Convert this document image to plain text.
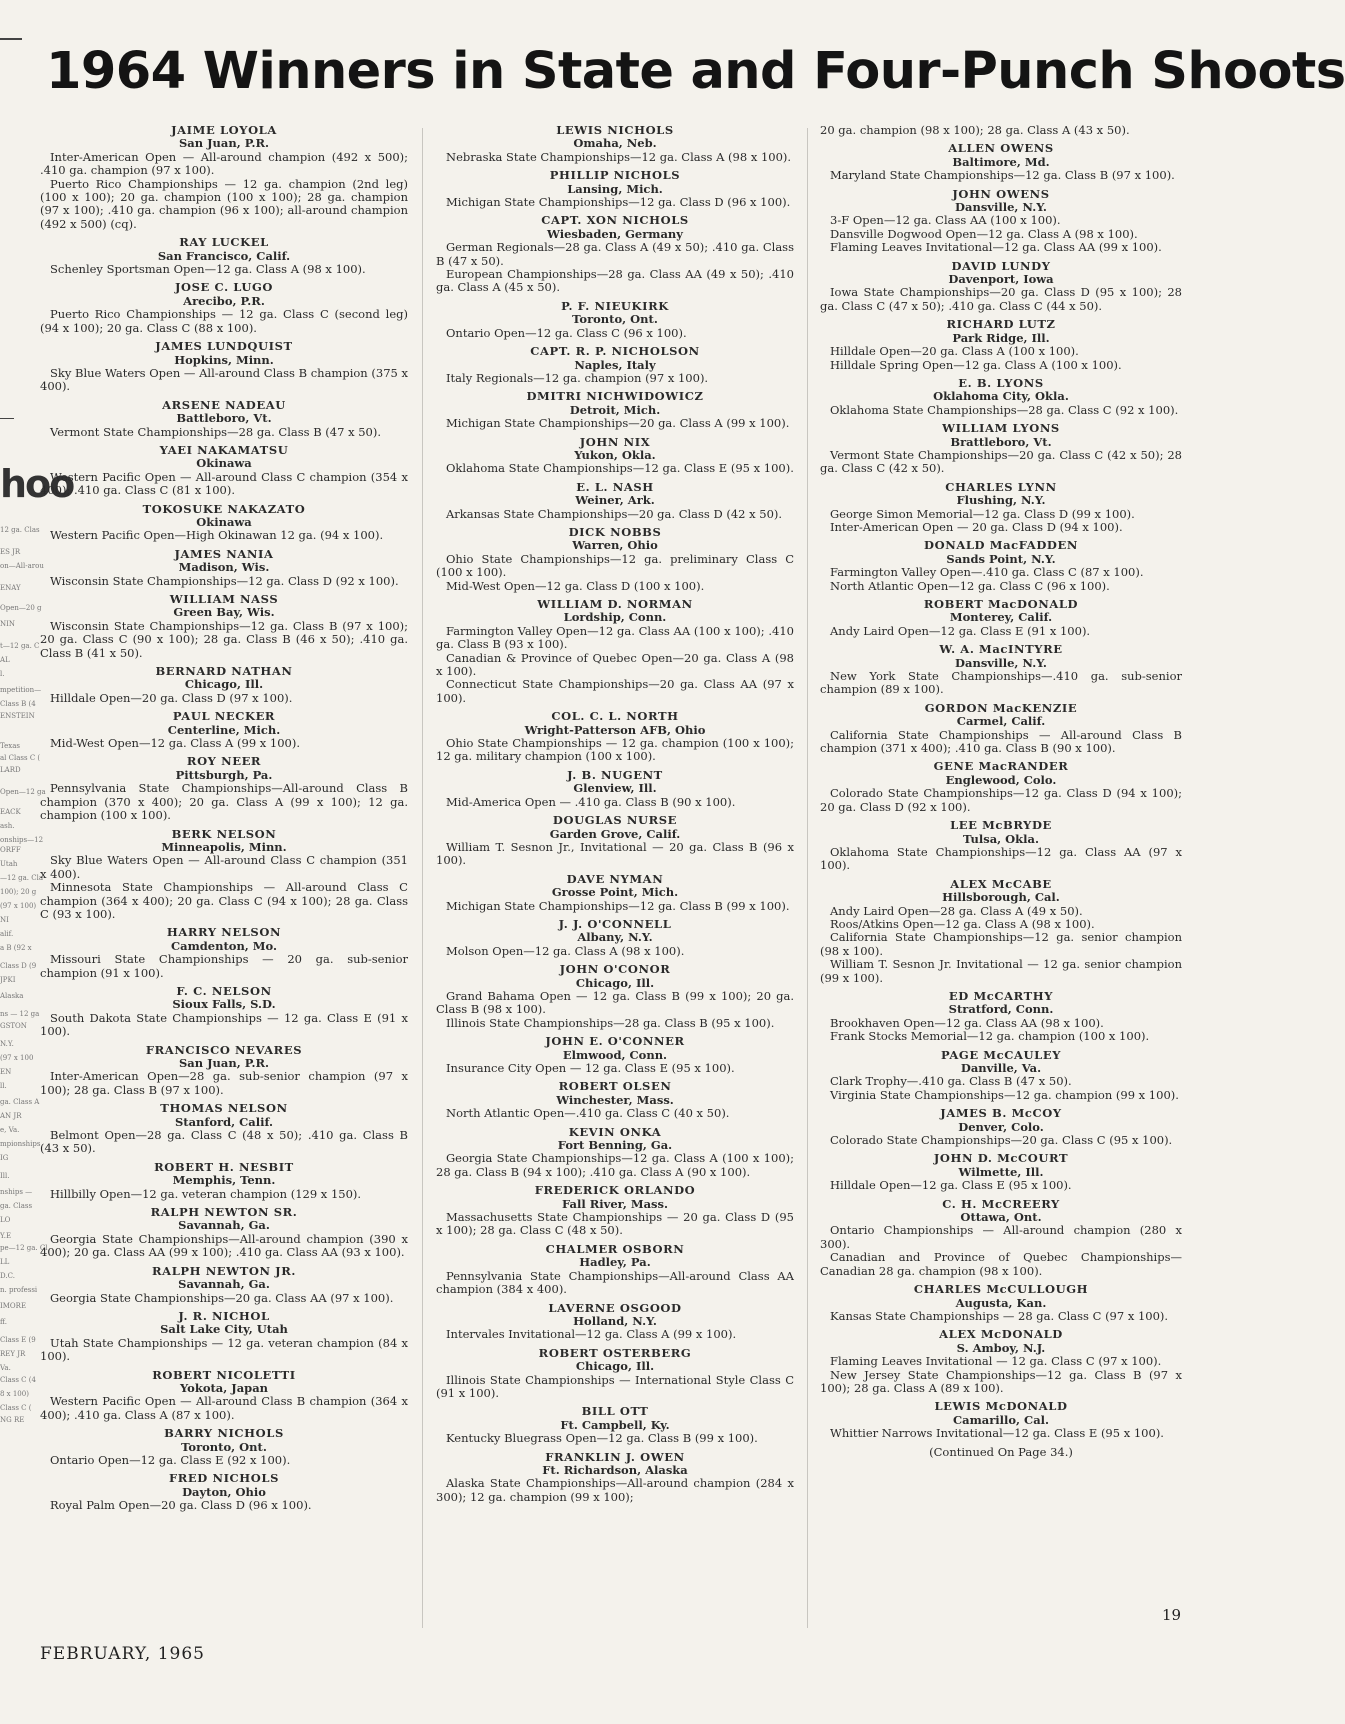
hoo
12 ga. Clas
ES JR
on—All-arou
ENAY
Open—20 g
NIN
t—12 ga. C
AL
l.
mpetition—
Class B (4
ENSTEIN
Texas
al Class C (
LARD
Open—12 ga
EACK
ash.
onships—12
ORFF
Utah
—12 ga. Cla
100); 20 g
(97 x 100)
NI
alif.
a B (92 x
Class D (9
JPKI
Alaska
ns — 12 ga
GSTON
N.Y.
(97 x 100
EN
ll.
ga. Class A
AN JR
e, Va.
mpionships
IG
Ill.
nships —
ga. Class
LO
Y.E
pe—12 ga. Cl
LL
D.C.
n. professi
IMORE
ff.
Class E (9
REY JR
Va.
Class C (4
8 x 100)
Class C (
NG RE
1964 Winners in State and Four-Punch Shoots
JAIME LOYOLA
San Juan, P.R.
Inter-American Open — All-around champion (492 x 500); .410 ga. champion (97 x 100).
Puerto Rico Championships — 12 ga. champion (2nd leg) (100 x 100); 20 ga. champion (100 x 100); 28 ga. champion (97 x 100); .410 ga. champion (96 x 100); all-around champion (492 x 500) (cq).
RAY LUCKEL
San Francisco, Calif.
Schenley Sportsman Open—12 ga. Class A (98 x 100).
JOSE C. LUGO
Arecibo, P.R.
Puerto Rico Championships — 12 ga. Class C (second leg) (94 x 100); 20 ga. Class C (88 x 100).
JAMES LUNDQUIST
Hopkins, Minn.
Sky Blue Waters Open — All-around Class B champion (375 x 400).
ARSENE NADEAU
Battleboro, Vt.
Vermont State Championships—28 ga. Class B (47 x 50).
YAEI NAKAMATSU
Okinawa
Western Pacific Open — All-around Class C champion (354 x 400); .410 ga. Class C (81 x 100).
TOKOSUKE NAKAZATO
Okinawa
Western Pacific Open—High Okinawan 12 ga. (94 x 100).
JAMES NANIA
Madison, Wis.
Wisconsin State Championships—12 ga. Class D (92 x 100).
WILLIAM NASS
Green Bay, Wis.
Wisconsin State Championships—12 ga. Class B (97 x 100); 20 ga. Class C (90 x 100); 28 ga. Class B (46 x 50); .410 ga. Class B (41 x 50).
BERNARD NATHAN
Chicago, Ill.
Hilldale Open—20 ga. Class D (97 x 100).
PAUL NECKER
Centerline, Mich.
Mid-West Open—12 ga. Class A (99 x 100).
ROY NEER
Pittsburgh, Pa.
Pennsylvania State Championships—All-around Class B champion (370 x 400); 20 ga. Class A (99 x 100); 12 ga. champion (100 x 100).
BERK NELSON
Minneapolis, Minn.
Sky Blue Waters Open — All-around Class C champion (351 x 400).
Minnesota State Championships — All-around Class C champion (364 x 400); 20 ga. Class C (94 x 100); 28 ga. Class C (93 x 100).
HARRY NELSON
Camdenton, Mo.
Missouri State Championships — 20 ga. sub-senior champion (91 x 100).
F. C. NELSON
Sioux Falls, S.D.
South Dakota State Championships — 12 ga. Class E (91 x 100).
FRANCISCO NEVARES
San Juan, P.R.
Inter-American Open—28 ga. sub-senior champion (97 x 100); 28 ga. Class B (97 x 100).
THOMAS NELSON
Stanford, Calif.
Belmont Open—28 ga. Class C (48 x 50); .410 ga. Class B (43 x 50).
ROBERT H. NESBIT
Memphis, Tenn.
Hillbilly Open—12 ga. veteran champion (129 x 150).
RALPH NEWTON SR.
Savannah, Ga.
Georgia State Championships—All-around champion (390 x 400); 20 ga. Class AA (99 x 100); .410 ga. Class AA (93 x 100).
RALPH NEWTON JR.
Savannah, Ga.
Georgia State Championships—20 ga. Class AA (97 x 100).
J. R. NICHOL
Salt Lake City, Utah
Utah State Championships — 12 ga. veteran champion (84 x 100).
ROBERT NICOLETTI
Yokota, Japan
Western Pacific Open — All-around Class B champion (364 x 400); .410 ga. Class A (87 x 100).
BARRY NICHOLS
Toronto, Ont.
Ontario Open—12 ga. Class E (92 x 100).
FRED NICHOLS
Dayton, Ohio
Royal Palm Open—20 ga. Class D (96 x 100).
LEWIS NICHOLS
Omaha, Neb.
Nebraska State Championships—12 ga. Class A (98 x 100).
PHILLIP NICHOLS
Lansing, Mich.
Michigan State Championships—12 ga. Class D (96 x 100).
CAPT. XON NICHOLS
Wiesbaden, Germany
German Regionals—28 ga. Class A (49 x 50); .410 ga. Class B (47 x 50).
European Championships—28 ga. Class AA (49 x 50); .410 ga. Class A (45 x 50).
P. F. NIEUKIRK
Toronto, Ont.
Ontario Open—12 ga. Class C (96 x 100).
CAPT. R. P. NICHOLSON
Naples, Italy
Italy Regionals—12 ga. champion (97 x 100).
DMITRI NICHWIDOWICZ
Detroit, Mich.
Michigan State Championships—20 ga. Class A (99 x 100).
JOHN NIX
Yukon, Okla.
Oklahoma State Championships—12 ga. Class E (95 x 100).
E. L. NASH
Weiner, Ark.
Arkansas State Championships—20 ga. Class D (42 x 50).
DICK NOBBS
Warren, Ohio
Ohio State Championships—12 ga. preliminary Class C (100 x 100).
Mid-West Open—12 ga. Class D (100 x 100).
WILLIAM D. NORMAN
Lordship, Conn.
Farmington Valley Open—12 ga. Class AA (100 x 100); .410 ga. Class B (93 x 100).
Canadian & Province of Quebec Open—20 ga. Class A (98 x 100).
Connecticut State Championships—20 ga. Class AA (97 x 100).
COL. C. L. NORTH
Wright-Patterson AFB, Ohio
Ohio State Championships — 12 ga. champion (100 x 100); 12 ga. military champion (100 x 100).
J. B. NUGENT
Glenview, Ill.
Mid-America Open — .410 ga. Class B (90 x 100).
DOUGLAS NURSE
Garden Grove, Calif.
William T. Sesnon Jr., Invitational — 20 ga. Class B (96 x 100).
DAVE NYMAN
Grosse Point, Mich.
Michigan State Championships—12 ga. Class B (99 x 100).
J. J. O'CONNELL
Albany, N.Y.
Molson Open—12 ga. Class A (98 x 100).
JOHN O'CONOR
Chicago, Ill.
Grand Bahama Open — 12 ga. Class B (99 x 100); 20 ga. Class B (98 x 100).
Illinois State Championships—28 ga. Class B (95 x 100).
JOHN E. O'CONNER
Elmwood, Conn.
Insurance City Open — 12 ga. Class E (95 x 100).
ROBERT OLSEN
Winchester, Mass.
North Atlantic Open—.410 ga. Class C (40 x 50).
KEVIN ONKA
Fort Benning, Ga.
Georgia State Championships—12 ga. Class A (100 x 100); 28 ga. Class B (94 x 100); .410 ga. Class A (90 x 100).
FREDERICK ORLANDO
Fall River, Mass.
Massachusetts State Championships — 20 ga. Class D (95 x 100); 28 ga. Class C (48 x 50).
CHALMER OSBORN
Hadley, Pa.
Pennsylvania State Championships—All-around Class AA champion (384 x 400).
LAVERNE OSGOOD
Holland, N.Y.
Intervales Invitational—12 ga. Class A (99 x 100).
ROBERT OSTERBERG
Chicago, Ill.
Illinois State Championships — International Style Class C (91 x 100).
BILL OTT
Ft. Campbell, Ky.
Kentucky Bluegrass Open—12 ga. Class B (99 x 100).
FRANKLIN J. OWEN
Ft. Richardson, Alaska
Alaska State Championships—All-around champion (284 x 300); 12 ga. champion (99 x 100);
20 ga. champion (98 x 100); 28 ga. Class A (43 x 50).
ALLEN OWENS
Baltimore, Md.
Maryland State Championships—12 ga. Class B (97 x 100).
JOHN OWENS
Dansville, N.Y.
3-F Open—12 ga. Class AA (100 x 100).
Dansville Dogwood Open—12 ga. Class A (98 x 100).
Flaming Leaves Invitational—12 ga. Class AA (99 x 100).
DAVID LUNDY
Davenport, Iowa
Iowa State Championships—20 ga. Class D (95 x 100); 28 ga. Class C (47 x 50); .410 ga. Class C (44 x 50).
RICHARD LUTZ
Park Ridge, Ill.
Hilldale Open—20 ga. Class A (100 x 100).
Hilldale Spring Open—12 ga. Class A (100 x 100).
E. B. LYONS
Oklahoma City, Okla.
Oklahoma State Championships—28 ga. Class C (92 x 100).
WILLIAM LYONS
Brattleboro, Vt.
Vermont State Championships—20 ga. Class C (42 x 50); 28 ga. Class C (42 x 50).
CHARLES LYNN
Flushing, N.Y.
George Simon Memorial—12 ga. Class D (99 x 100).
Inter-American Open — 20 ga. Class D (94 x 100).
DONALD MacFADDEN
Sands Point, N.Y.
Farmington Valley Open—.410 ga. Class C (87 x 100).
North Atlantic Open—12 ga. Class C (96 x 100).
ROBERT MacDONALD
Monterey, Calif.
Andy Laird Open—12 ga. Class E (91 x 100).
W. A. MacINTYRE
Dansville, N.Y.
New York State Championships—.410 ga. sub-senior champion (89 x 100).
GORDON MacKENZIE
Carmel, Calif.
California State Championships — All-around Class B champion (371 x 400); .410 ga. Class B (90 x 100).
GENE MacRANDER
Englewood, Colo.
Colorado State Championships—12 ga. Class D (94 x 100); 20 ga. Class D (92 x 100).
LEE McBRYDE
Tulsa, Okla.
Oklahoma State Championships—12 ga. Class AA (97 x 100).
ALEX McCABE
Hillsborough, Cal.
Andy Laird Open—28 ga. Class A (49 x 50).
Roos/Atkins Open—12 ga. Class A (98 x 100).
California State Championships—12 ga. senior champion (98 x 100).
William T. Sesnon Jr. Invitational — 12 ga. senior champion (99 x 100).
ED McCARTHY
Stratford, Conn.
Brookhaven Open—12 ga. Class AA (98 x 100).
Frank Stocks Memorial—12 ga. champion (100 x 100).
PAGE McCAULEY
Danville, Va.
Clark Trophy—.410 ga. Class B (47 x 50).
Virginia State Championships—12 ga. champion (99 x 100).
JAMES B. McCOY
Denver, Colo.
Colorado State Championships—20 ga. Class C (95 x 100).
JOHN D. McCOURT
Wilmette, Ill.
Hilldale Open—12 ga. Class E (95 x 100).
C. H. McCREERY
Ottawa, Ont.
Ontario Championships — All-around champion (280 x 300).
Canadian and Province of Quebec Championships—Canadian 28 ga. champion (98 x 100).
CHARLES McCULLOUGH
Augusta, Kan.
Kansas State Championships — 28 ga. Class C (97 x 100).
ALEX McDONALD
S. Amboy, N.J.
Flaming Leaves Invitational — 12 ga. Class C (97 x 100).
New Jersey State Championships—12 ga. Class B (97 x 100); 28 ga. Class A (89 x 100).
LEWIS McDONALD
Camarillo, Cal.
Whittier Narrows Invitational—12 ga. Class E (95 x 100).
(Continued On Page 34.)
FEBRUARY, 1965
19
